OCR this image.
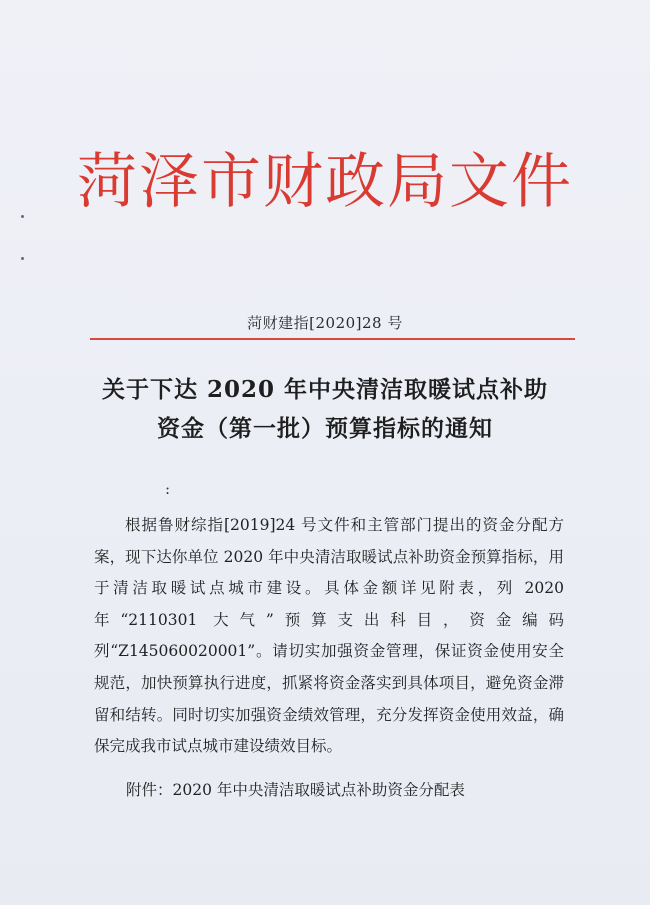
菏泽市财政局文件
菏财建指[2020]28 号
关于下达 2020 年中央清洁取暖试点补助
资金（第一批）预算指标的通知
:
根据鲁财综指[2019]24 号文件和主管部门提出的资金分配方案，现下达你单位 2020 年中央清洁取暖试点补助资金预算指标，用于清洁取暖试点城市建设。具体金额详见附表，列 2020 年“2110301 大气”预算支出科目，资金编码列“Z145060020001”。请切实加强资金管理，保证资金使用安全规范，加快预算执行进度，抓紧将资金落实到具体项目，避免资金滞留和结转。同时切实加强资金绩效管理，充分发挥资金使用效益，确保完成我市试点城市建设绩效目标。
附件：2020 年中央清洁取暖试点补助资金分配表
